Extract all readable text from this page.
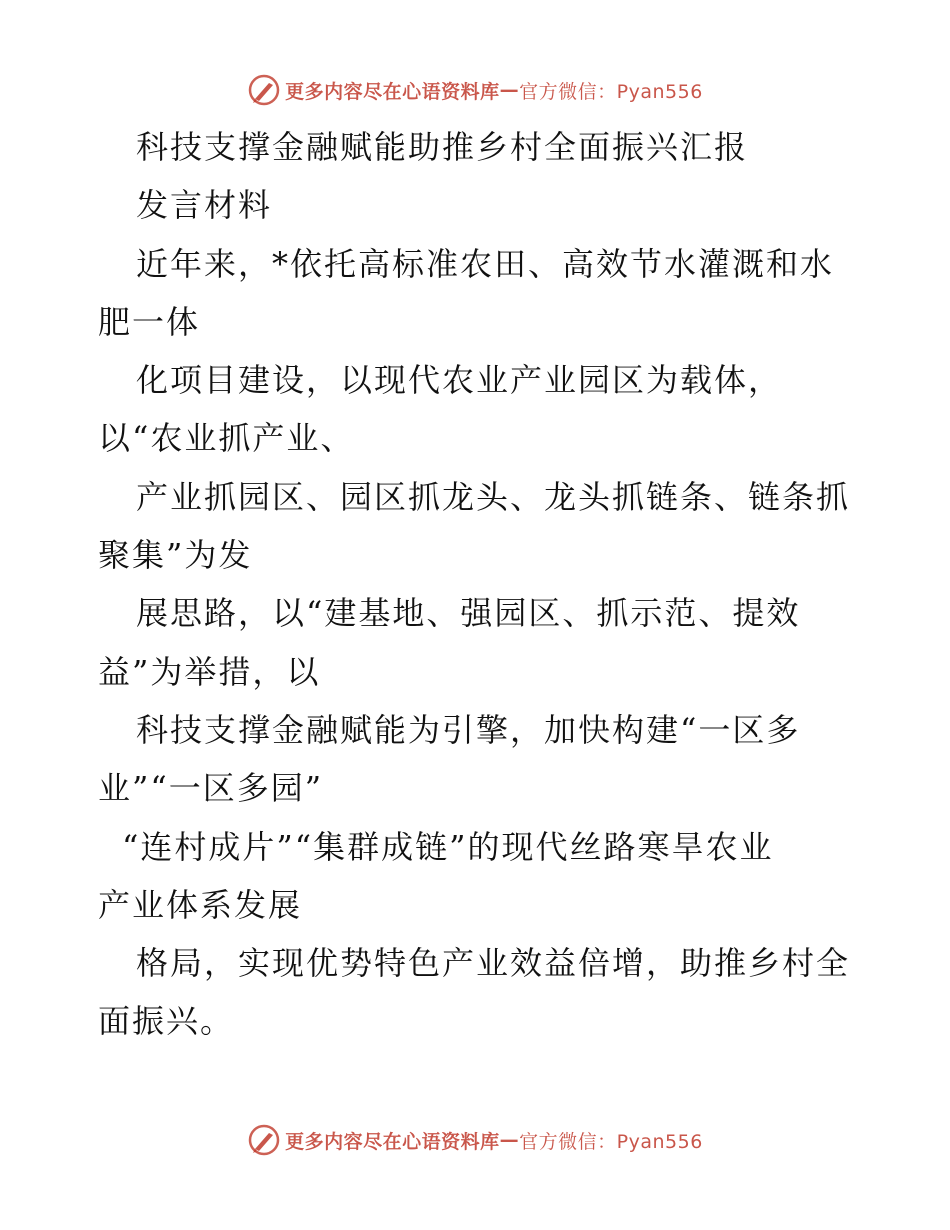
更多内容尽在心语资料库 — 官方微信：Pyan556
科技支撑金融赋能助推乡村全面振兴汇报
发言材料
近年来，*依托高标准农田、高效节水灌溉和水
肥一体
化项目建设，以现代农业产业园区为载体，
以“农业抓产业、
产业抓园区、园区抓龙头、龙头抓链条、链条抓
聚集”为发
展思路，以“建基地、强园区、抓示范、提效
益”为举措，以
科技支撑金融赋能为引擎，加快构建“一区多
业”“一区多园”
“连村成片”“集群成链”的现代丝路寒旱农业
产业体系发展
格局，实现优势特色产业效益倍增，助推乡村全
面振兴。
更多内容尽在心语资料库 — 官方微信：Pyan556
